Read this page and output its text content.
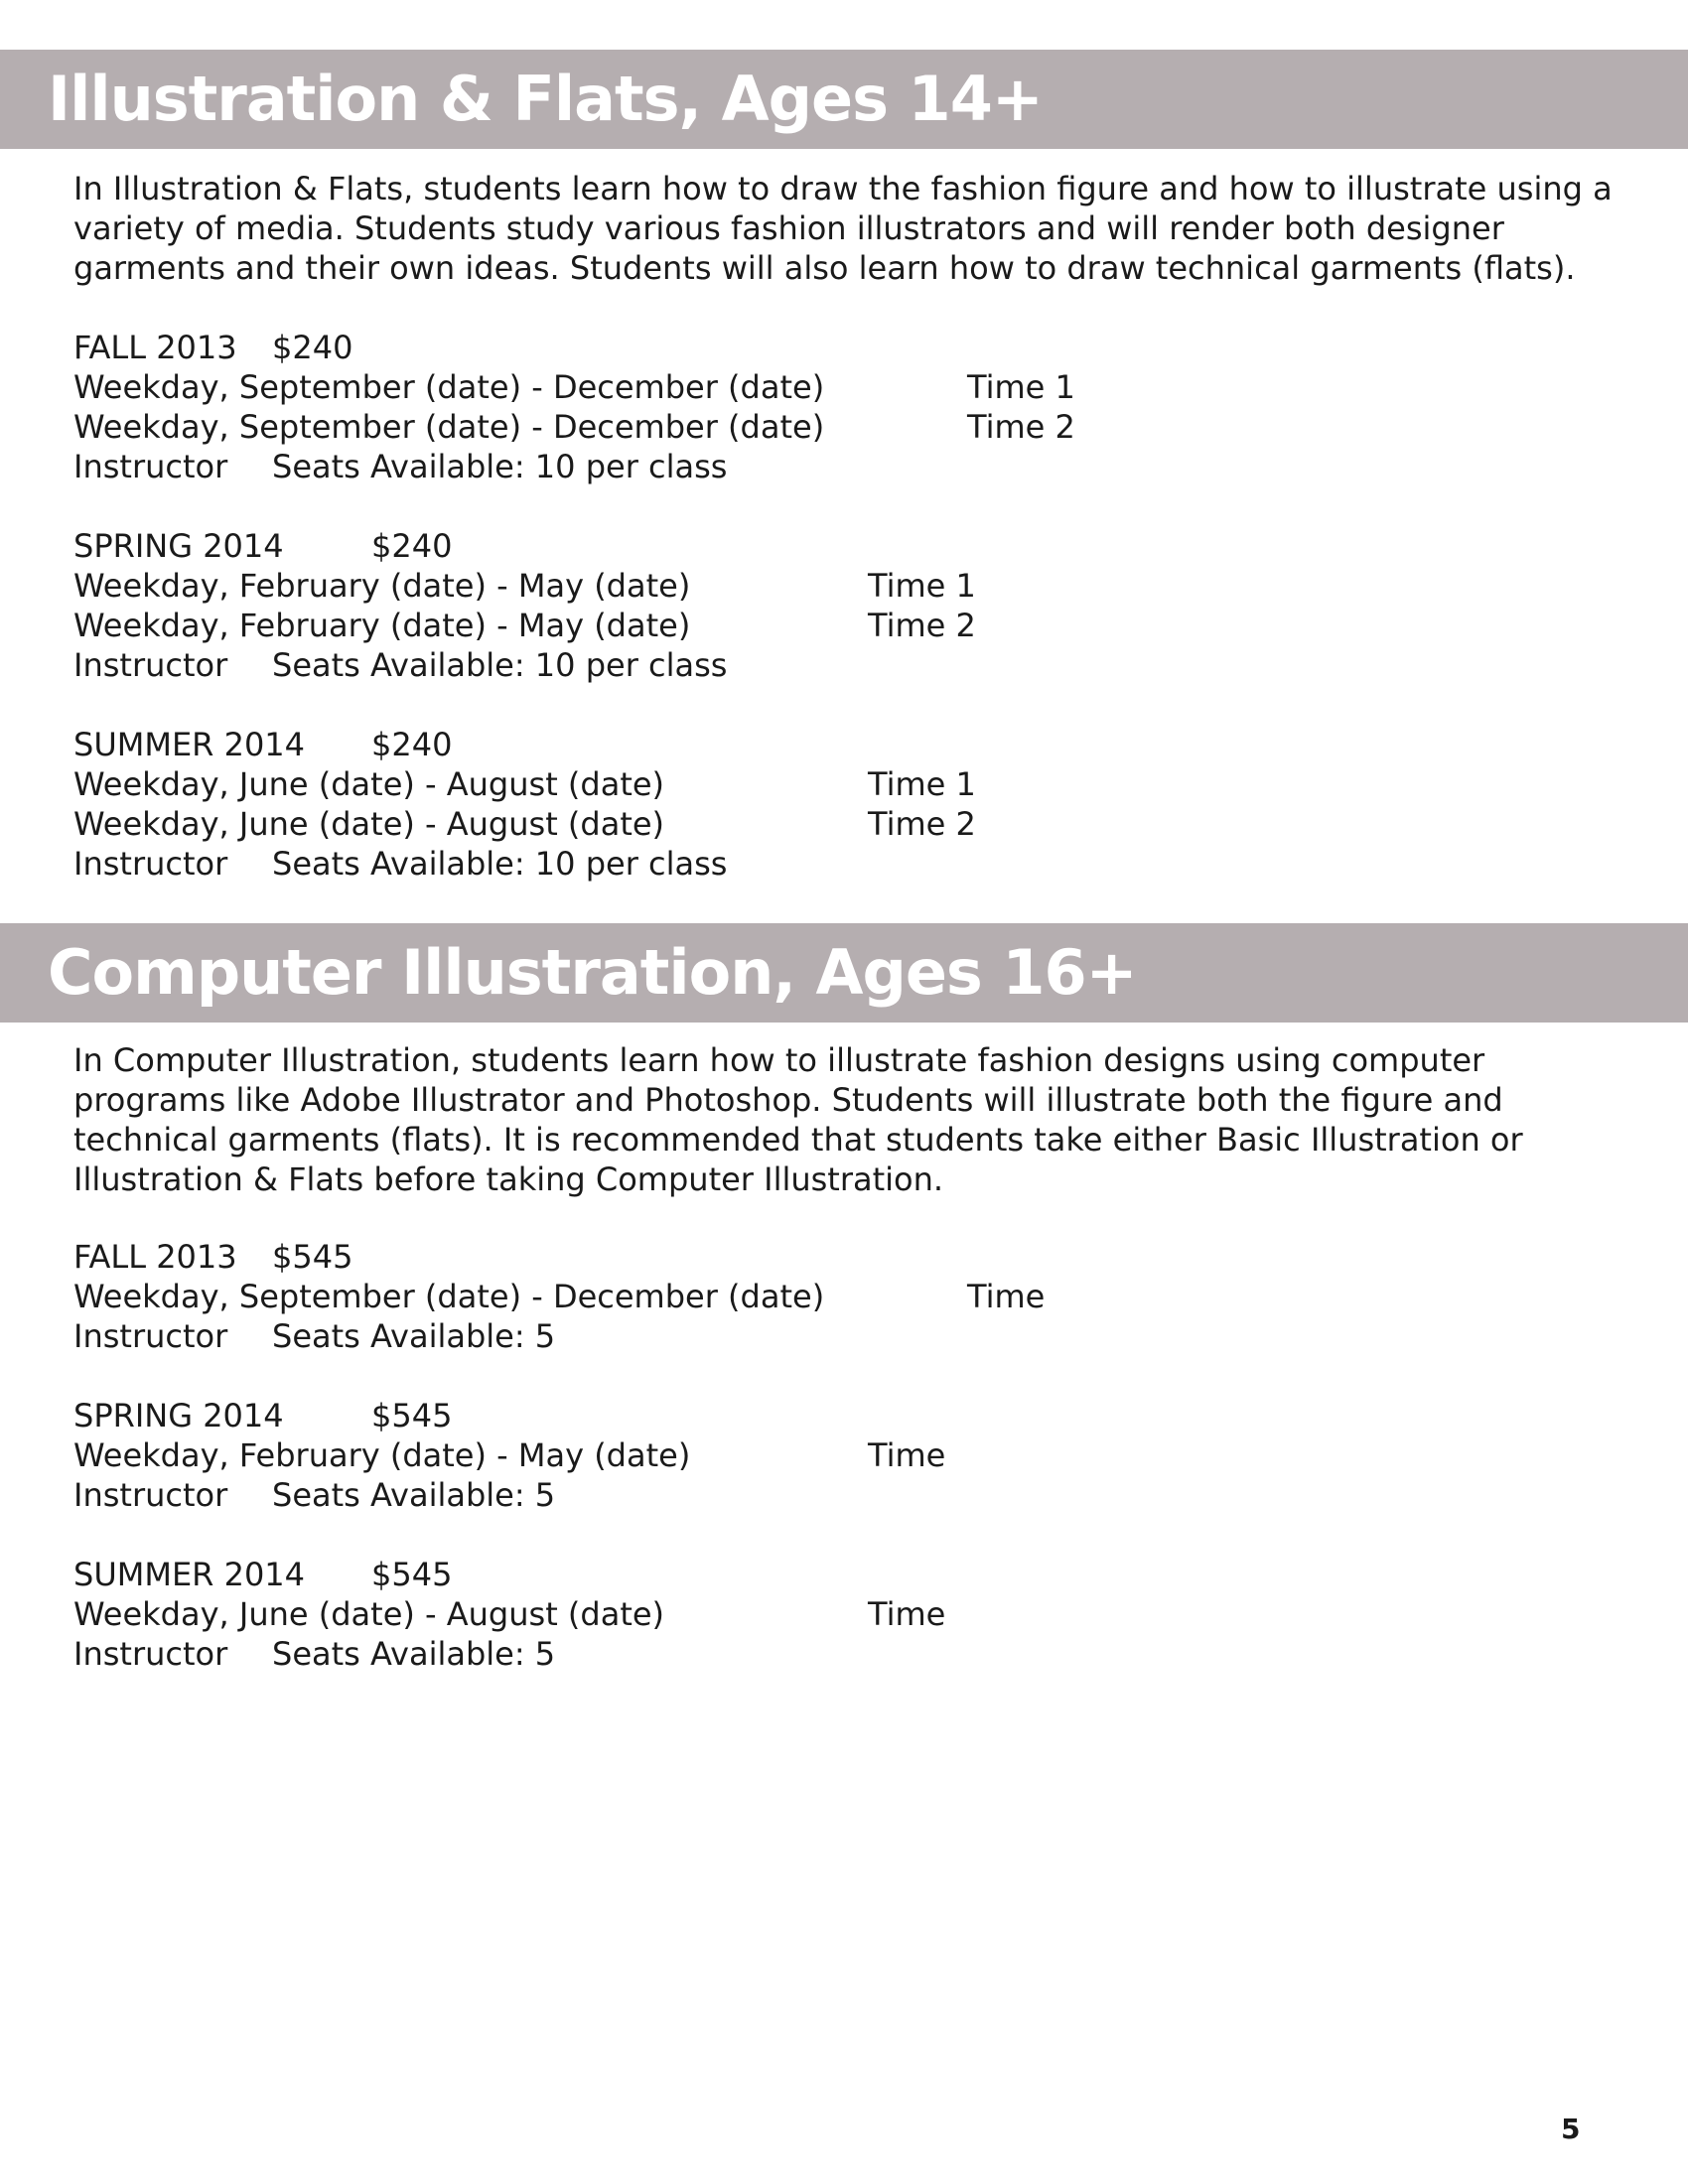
Illustration & Flats, Ages 14+

In Illustration & Flats, students learn how to draw the fashion figure and how to illustrate using a variety of media. Students study various fashion illustrators and will render both designer garments and their own ideas. Students will also learn how to draw technical garments (flats).

FALL 2013 $240
Weekday, September (date) - December (date)	Time 1
Weekday, September (date) - December (date)	Time 2
Instructor Seats Available: 10 per class
SPRING 2014	$240
Weekday, February (date) - May (date)	Time 1
Weekday, February (date) - May (date)	Time 2
Instructor Seats Available: 10 per class
SUMMER 2014 $240
Weekday, June (date) - August (date)	Time 1
Weekday, June (date) - August (date)	Time 2
Instructor Seats Available: 10 per class
Computer Illustration, Ages 16+

In Computer Illustration, students learn how to illustrate fashion designs using computer programs like Adobe Illustrator and Photoshop. Students will illustrate both the figure and technical garments (flats). It is recommended that students take either Basic Illustration or Illustration & Flats before taking Computer Illustration.

FALL 2013 $545
Weekday, September (date) - December (date)	Time
Instructor Seats Available: 5
SPRING 2014	$545
Weekday, February (date) - May (date)	Time
Instructor Seats Available: 5
SUMMER 2014 $545
Weekday, June (date) - August (date)	Time
Instructor Seats Available: 5
5
